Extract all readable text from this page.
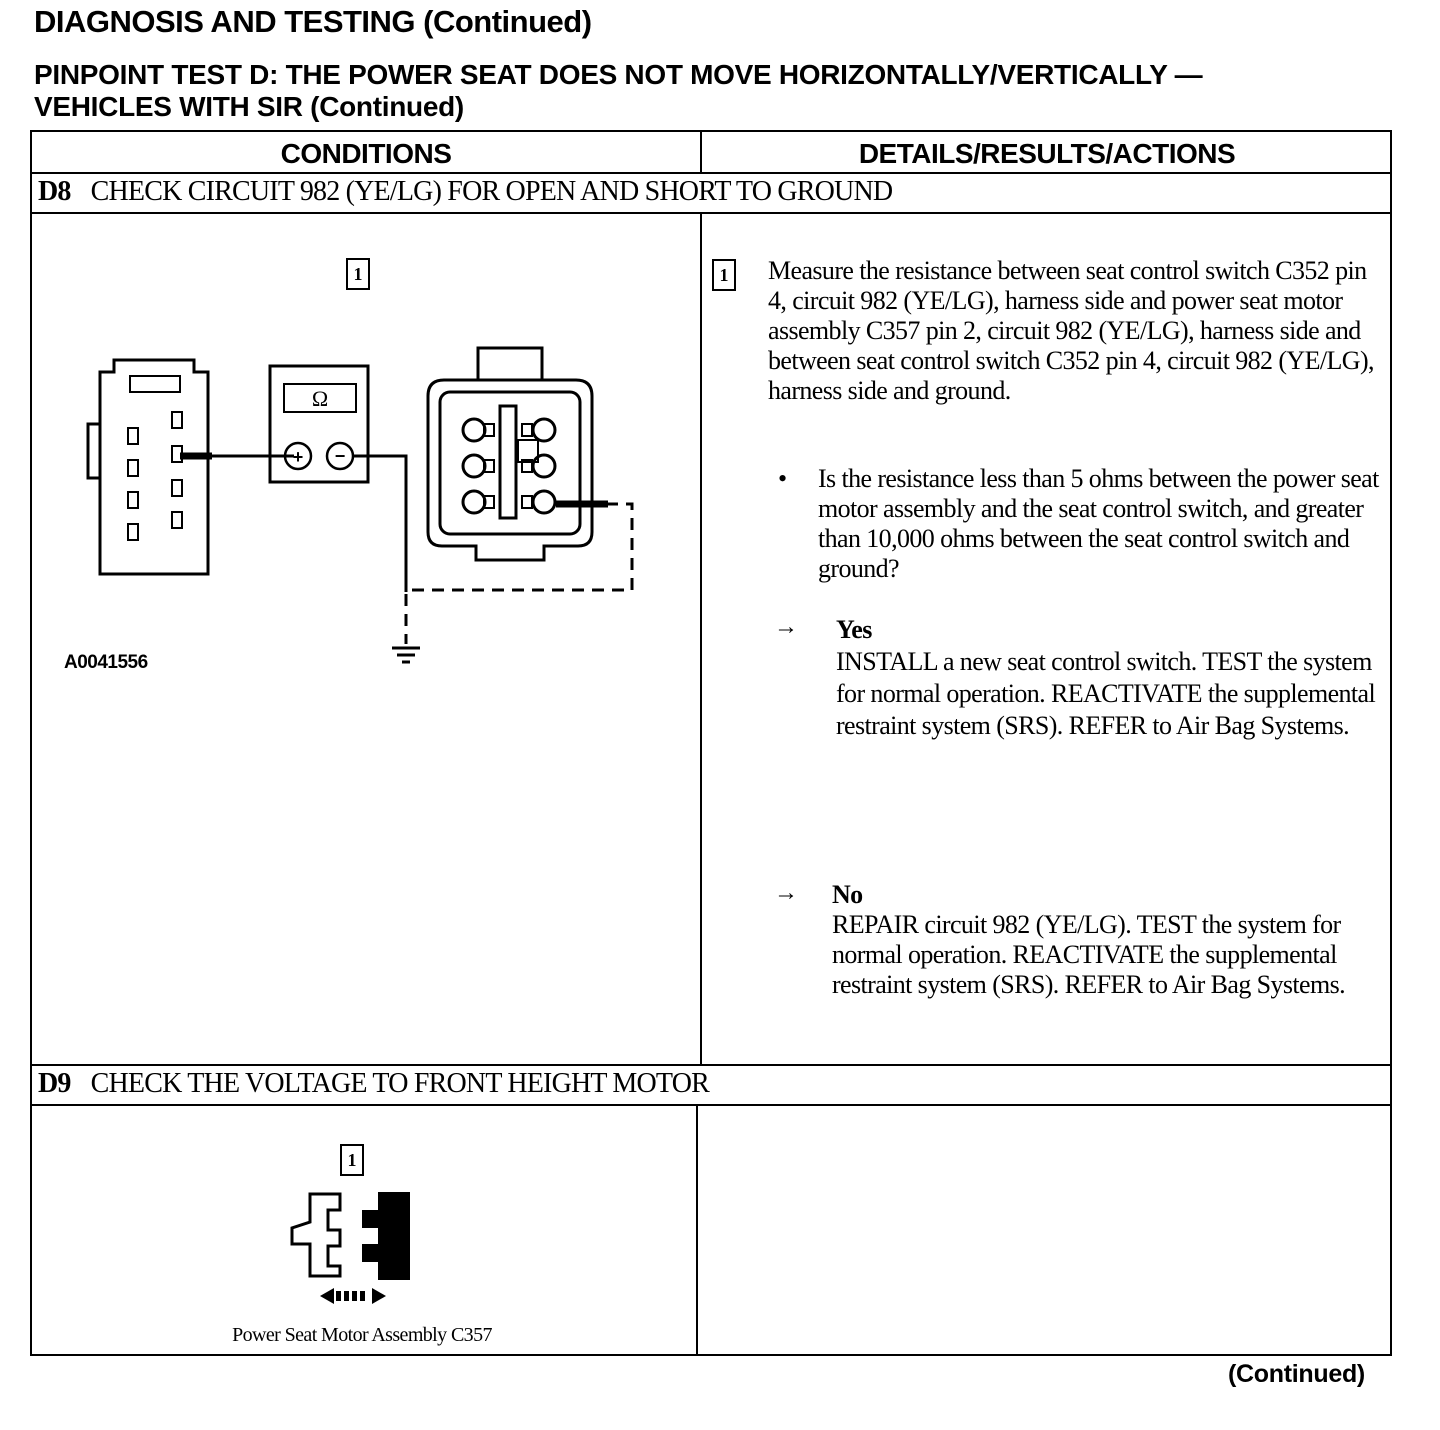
DIAGNOSIS AND TESTING (Continued)
PINPOINT TEST D: THE POWER SEAT DOES NOT MOVE HORIZONTALLY/VERTICALLY —
VEHICLES WITH SIR (Continued)
CONDITIONS	DETAILS/RESULTS/ACTIONS
D8 CHECK CIRCUIT 982 (YE/LG) FOR OPEN AND SHORT TO GROUND
1
Ω
+ −
A0041556
1 Measure the resistance between seat control switch C352 pin 4, circuit 982 (YE/LG), harness side and power seat motor assembly C357 pin 2, circuit 982 (YE/LG), harness side and between seat control switch C352 pin 4, circuit 982 (YE/LG), harness side and ground.
• Is the resistance less than 5 ohms between the power seat motor assembly and the seat control switch, and greater than 10,000 ohms between the seat control switch and ground?
→ Yes
INSTALL a new seat control switch. TEST the system for normal operation. REACTIVATE the supplemental restraint system (SRS). REFER to Air Bag Systems.
→ No
REPAIR circuit 982 (YE/LG). TEST the system for normal operation. REACTIVATE the supplemental restraint system (SRS). REFER to Air Bag Systems.
D9 CHECK THE VOLTAGE TO FRONT HEIGHT MOTOR
1
Power Seat Motor Assembly C357
(Continued)
